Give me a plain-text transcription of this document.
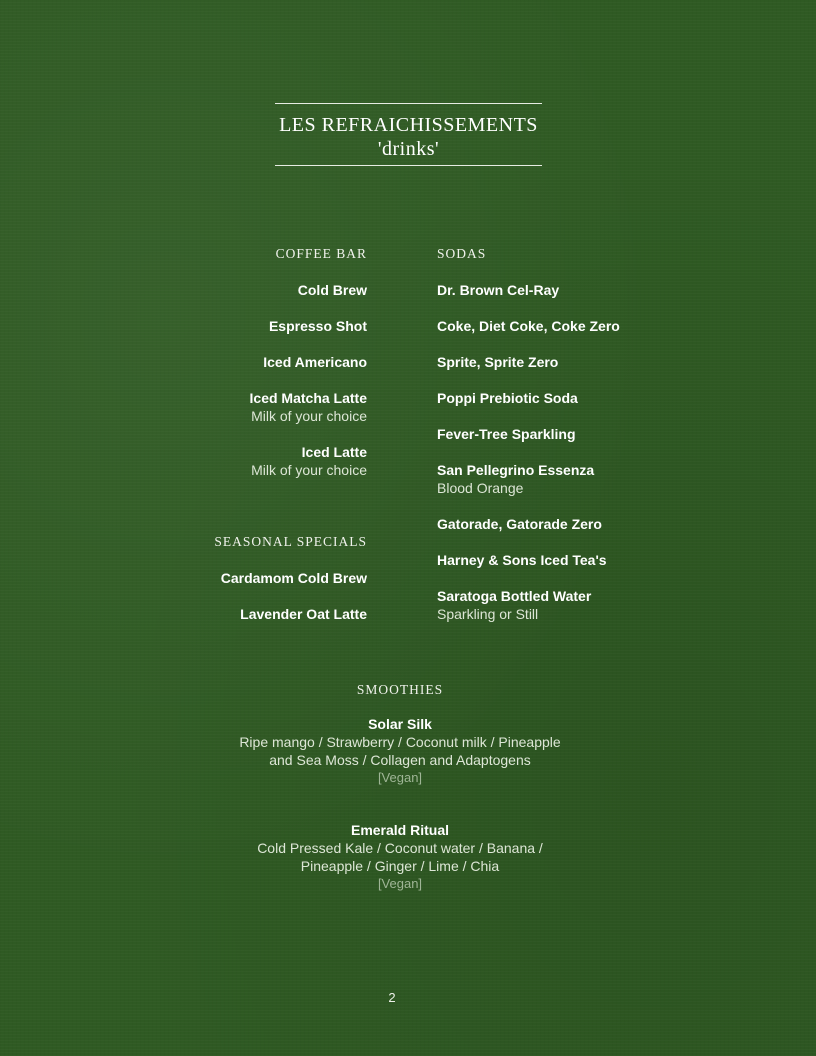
LES REFRAICHISSEMENTS
'drinks'
COFFEE BAR
Cold Brew
Espresso Shot
Iced Americano
Iced Matcha Latte
Milk of your choice
Iced Latte
Milk of your choice
SEASONAL SPECIALS
Cardamom Cold Brew
Lavender Oat Latte
SODAS
Dr. Brown Cel-Ray
Coke, Diet Coke, Coke Zero
Sprite, Sprite Zero
Poppi Prebiotic Soda
Fever-Tree Sparkling
San Pellegrino Essenza
Blood Orange
Gatorade, Gatorade Zero
Harney & Sons Iced Tea's
Saratoga Bottled Water
Sparkling or Still
SMOOTHIES
Solar Silk
Ripe mango / Strawberry / Coconut milk / Pineapple
and Sea Moss / Collagen and Adaptogens
[Vegan]
Emerald Ritual
Cold Pressed Kale / Coconut water / Banana /
Pineapple / Ginger / Lime / Chia
[Vegan]
2
